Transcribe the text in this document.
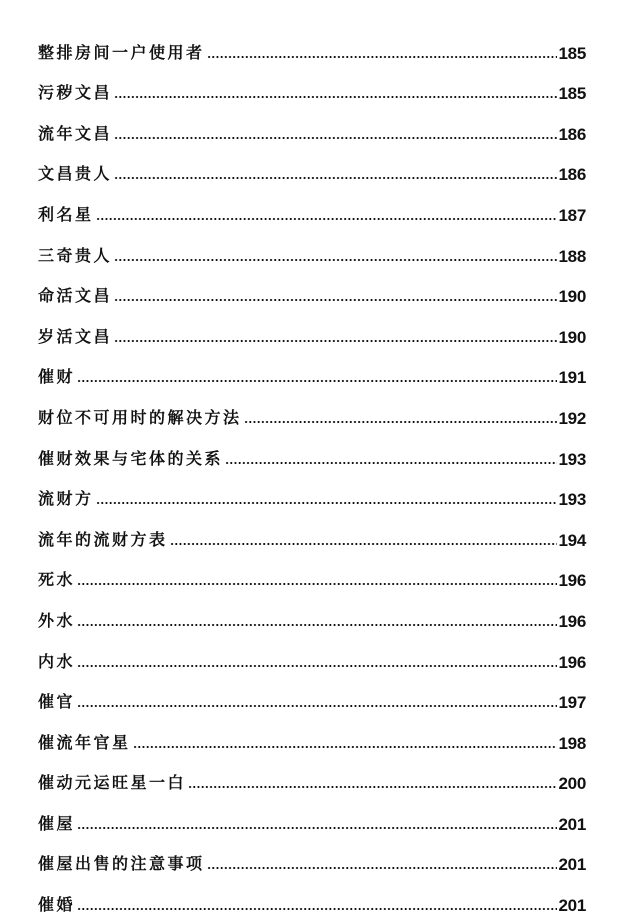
整排房间一户使用者	185
污秽文昌	185
流年文昌	186
文昌贵人	186
利名星	187
三奇贵人	188
命活文昌	190
岁活文昌	190
催财	191
财位不可用时的解决方法	192
催财效果与宅体的关系	193
流财方	193
流年的流财方表	194
死水	196
外水	196
内水	196
催官	197
催流年官星	198
催动元运旺星一白	200
催屋	201
催屋出售的注意事项	201
催婚	201
